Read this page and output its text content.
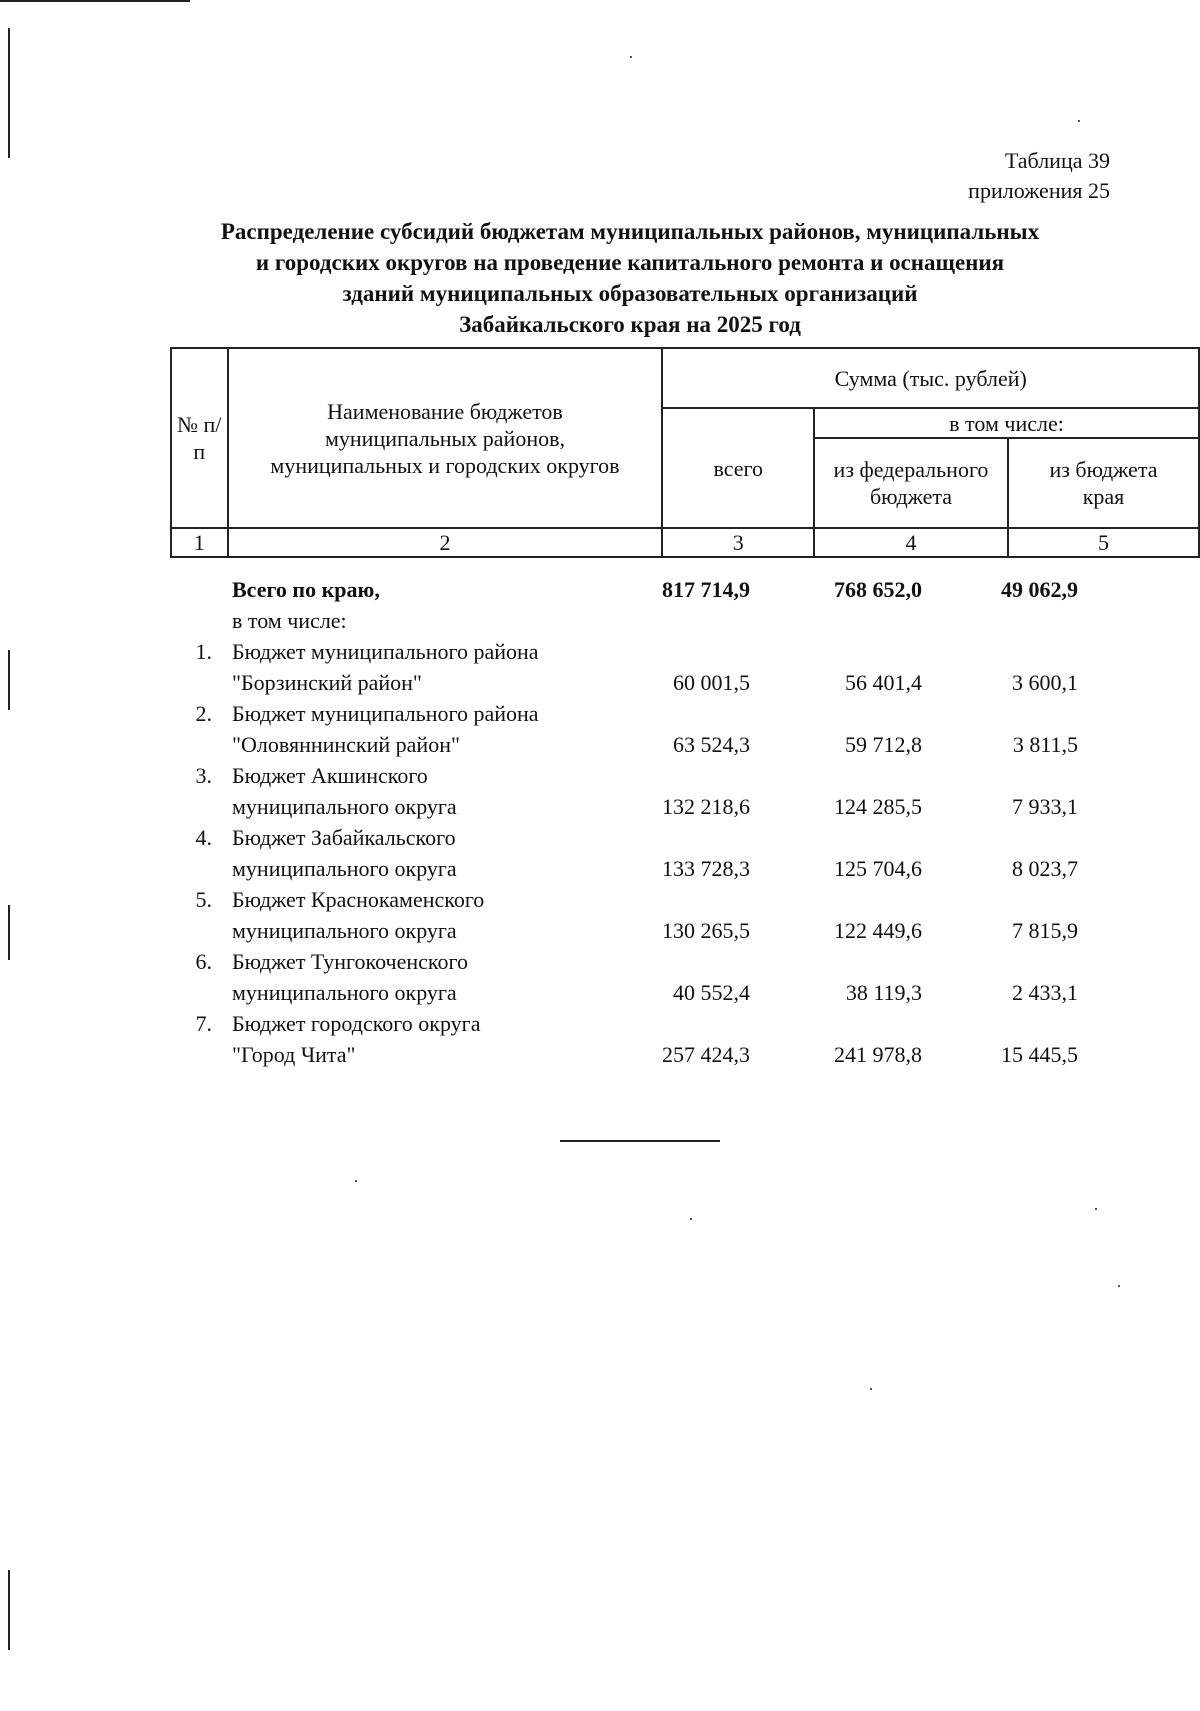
Таблица 39
приложения 25
Распределение субсидий бюджетам муниципальных районов, муниципальных
и городских округов на проведение капитального ремонта и оснащения
зданий муниципальных образовательных организаций
Забайкальского края на 2025 год
№ п/п	Наименование бюджетов муниципальных районов, муниципальных и городских округов	Сумма (тыс. рублей)		
		всего	в том числе:	
			из федерального бюджета	из бюджета края
1	2	3	4	5
Всего по краю,	817 714,9	768 652,0	49 062,9
в том числе:
1. Бюджет муниципального района
"Борзинский район"	60 001,5	56 401,4	3 600,1
2. Бюджет муниципального района
"Оловяннинский район"	63 524,3	59 712,8	3 811,5
3. Бюджет Акшинского
муниципального округа	132 218,6	124 285,5	7 933,1
4. Бюджет Забайкальского
муниципального округа	133 728,3	125 704,6	8 023,7
5. Бюджет Краснокаменского
муниципального округа	130 265,5	122 449,6	7 815,9
6. Бюджет Тунгокоченского
муниципального округа	40 552,4	38 119,3	2 433,1
7. Бюджет городского округа
"Город Чита"	257 424,3	241 978,8	15 445,5
